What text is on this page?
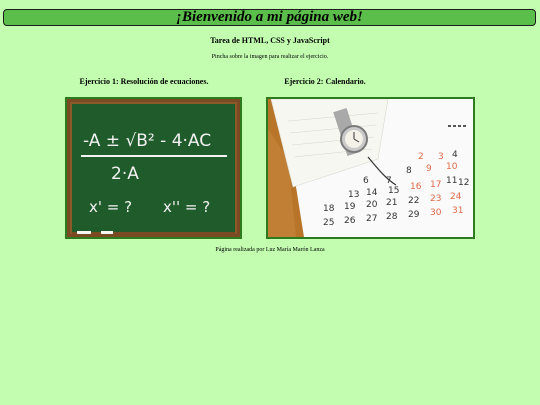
¡Bienvenido a mi página web!
Tarea de HTML, CSS y JavaScript
Pincha sobre la imagen para realizar el ejercicio.
Ejercicio 1: Resolución de ecuaciones.	Ejercicio 2: Calendario.
-A ± √B² - 4·AC
2·A
x' = ? x'' = ?
2 3 4
6 7
8 9 10
13 14 15 16 17 12
11
18 19 20 21 22 23 24
25 26 27 28 29 30 31
Página realizada por Luz María Marón Lanza
